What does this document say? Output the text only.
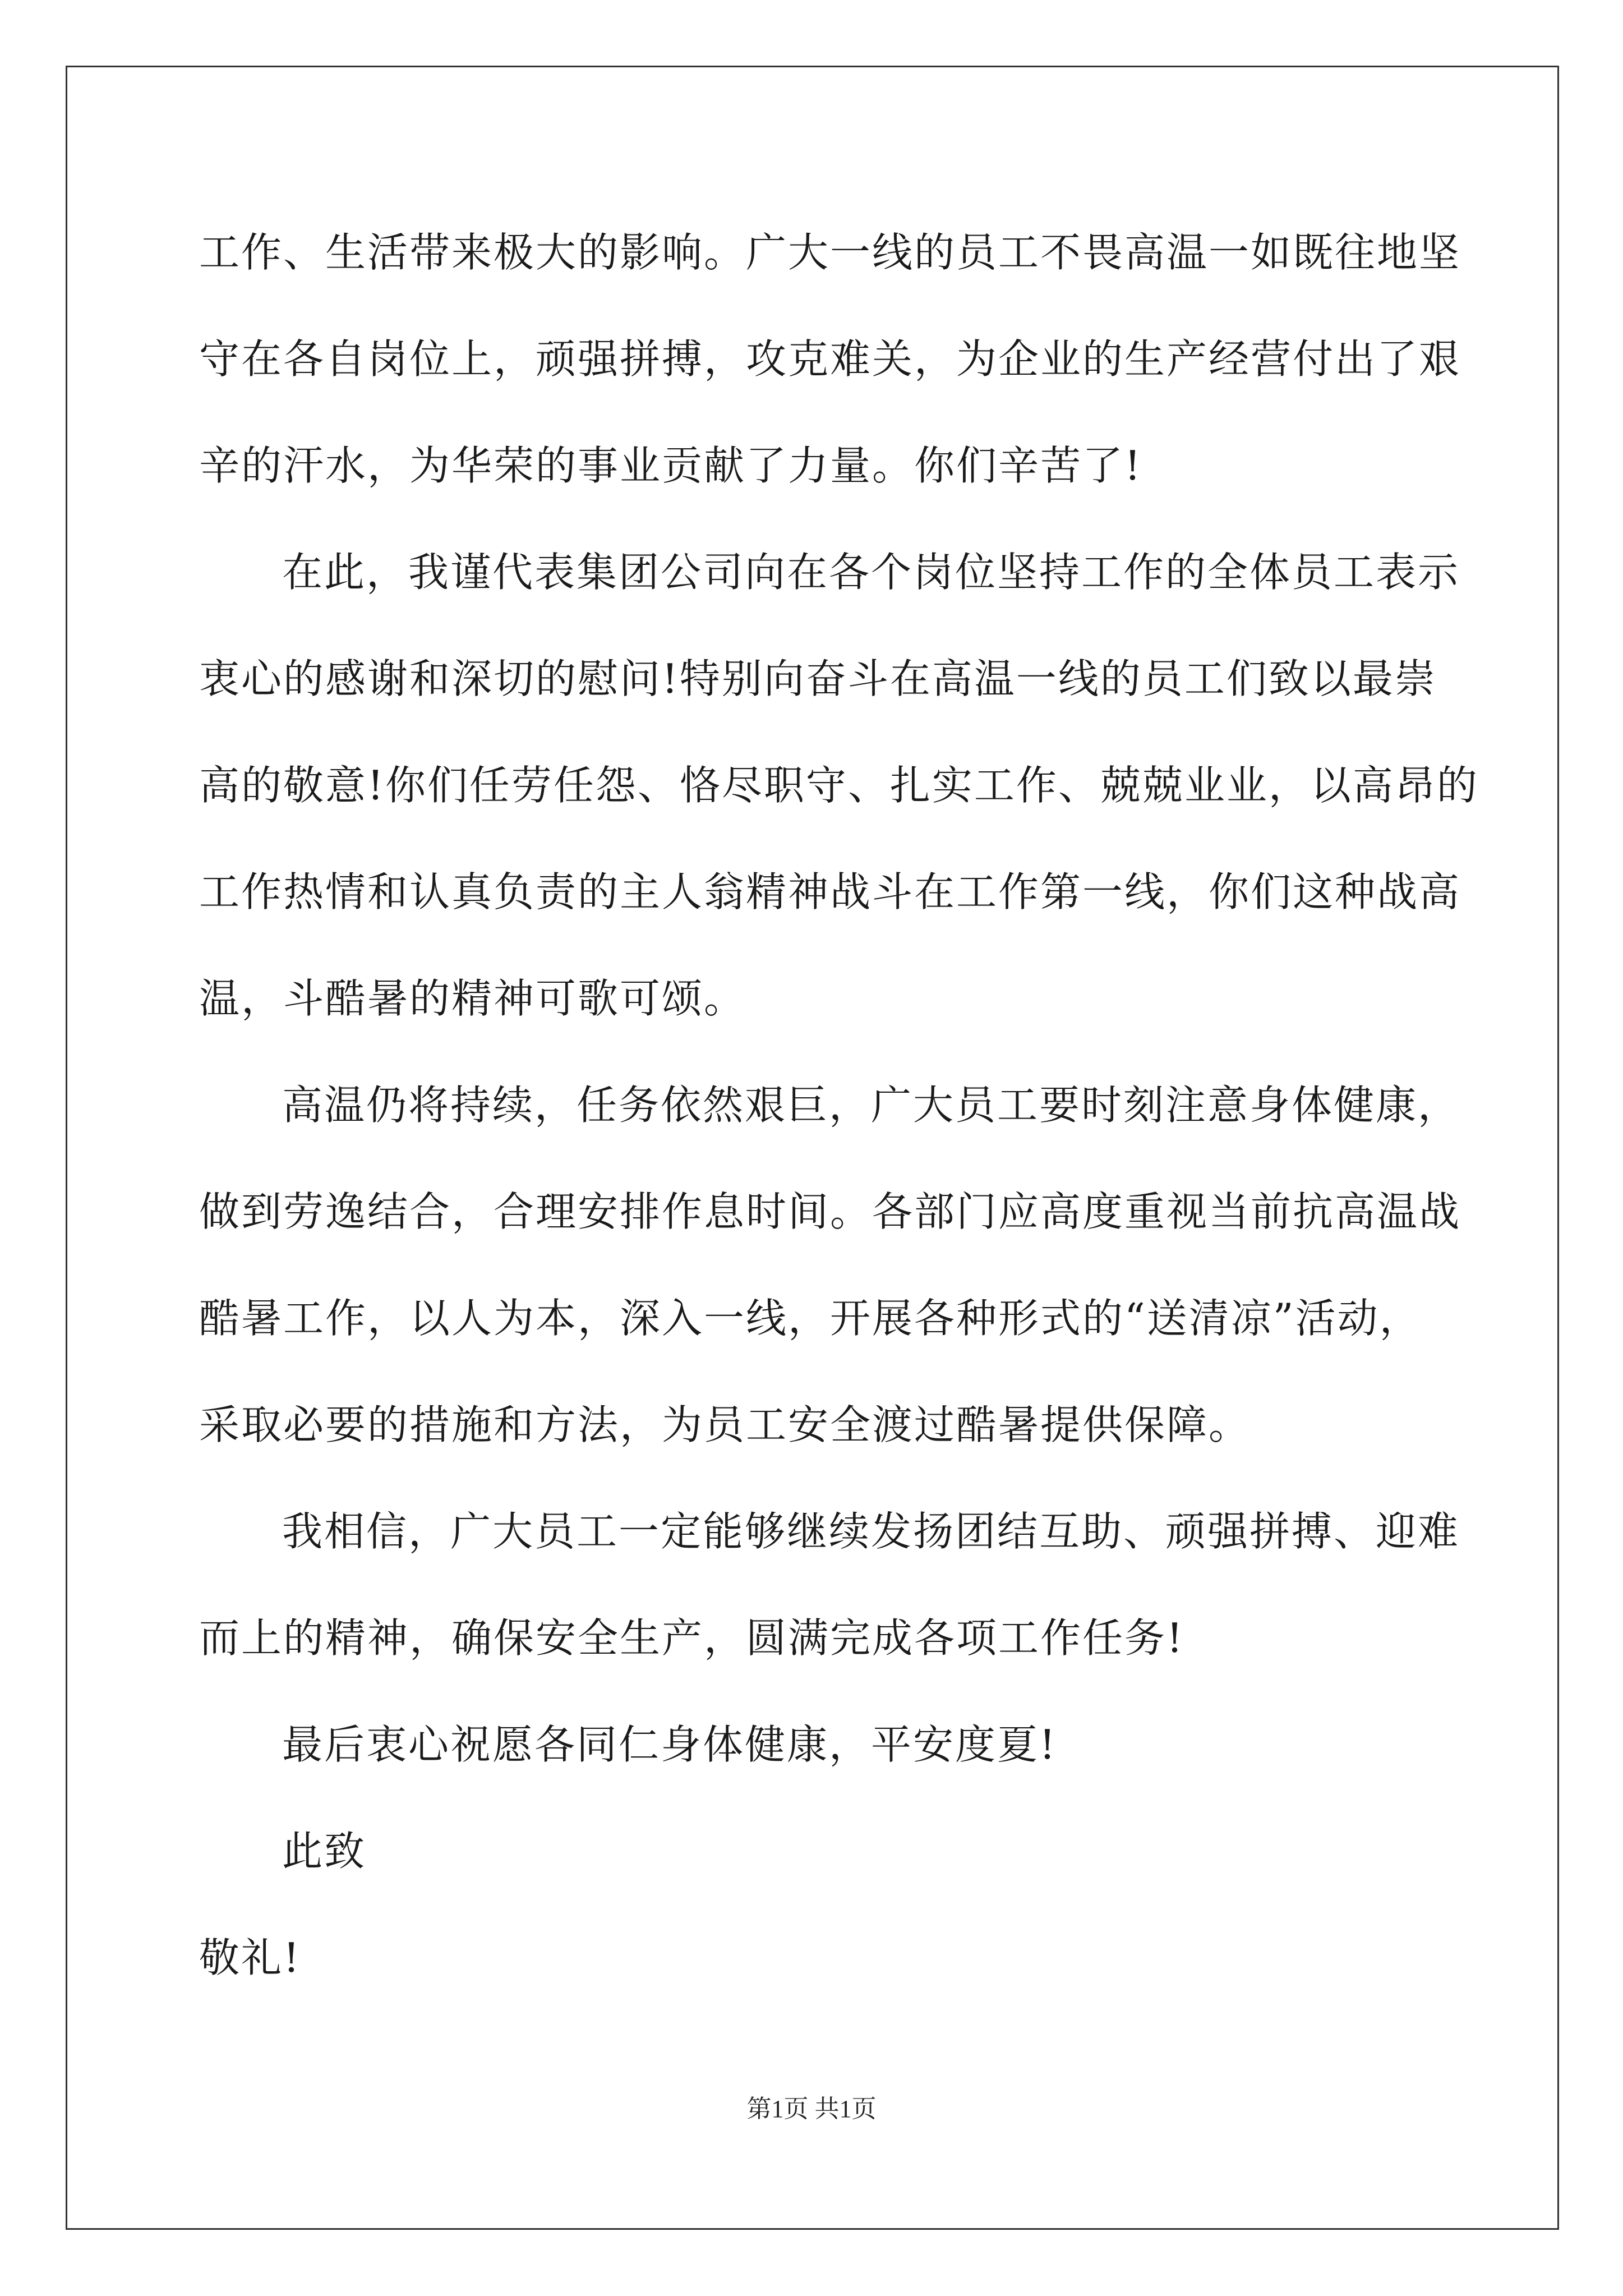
工作、生活带来极大的影响。广大一线的员工不畏高温一如既往地坚
守在各自岗位上，顽强拼搏，攻克难关，为企业的生产经营付出了艰
辛的汗水，为华荣的事业贡献了力量。你们辛苦了!
在此，我谨代表集团公司向在各个岗位坚持工作的全体员工表示
衷心的感谢和深切的慰问!特别向奋斗在高温一线的员工们致以最崇
高的敬意!你们任劳任怨、恪尽职守、扎实工作、兢兢业业，以高昂的
工作热情和认真负责的主人翁精神战斗在工作第一线，你们这种战高
温，斗酷暑的精神可歌可颂。
高温仍将持续，任务依然艰巨，广大员工要时刻注意身体健康，
做到劳逸结合，合理安排作息时间。各部门应高度重视当前抗高温战
酷暑工作，以人为本，深入一线，开展各种形式的“送清凉”活动，
采取必要的措施和方法，为员工安全渡过酷暑提供保障。
我相信，广大员工一定能够继续发扬团结互助、顽强拼搏、迎难
而上的精神，确保安全生产，圆满完成各项工作任务!
最后衷心祝愿各同仁身体健康，平安度夏!
此致
敬礼!
第1页 共1页
